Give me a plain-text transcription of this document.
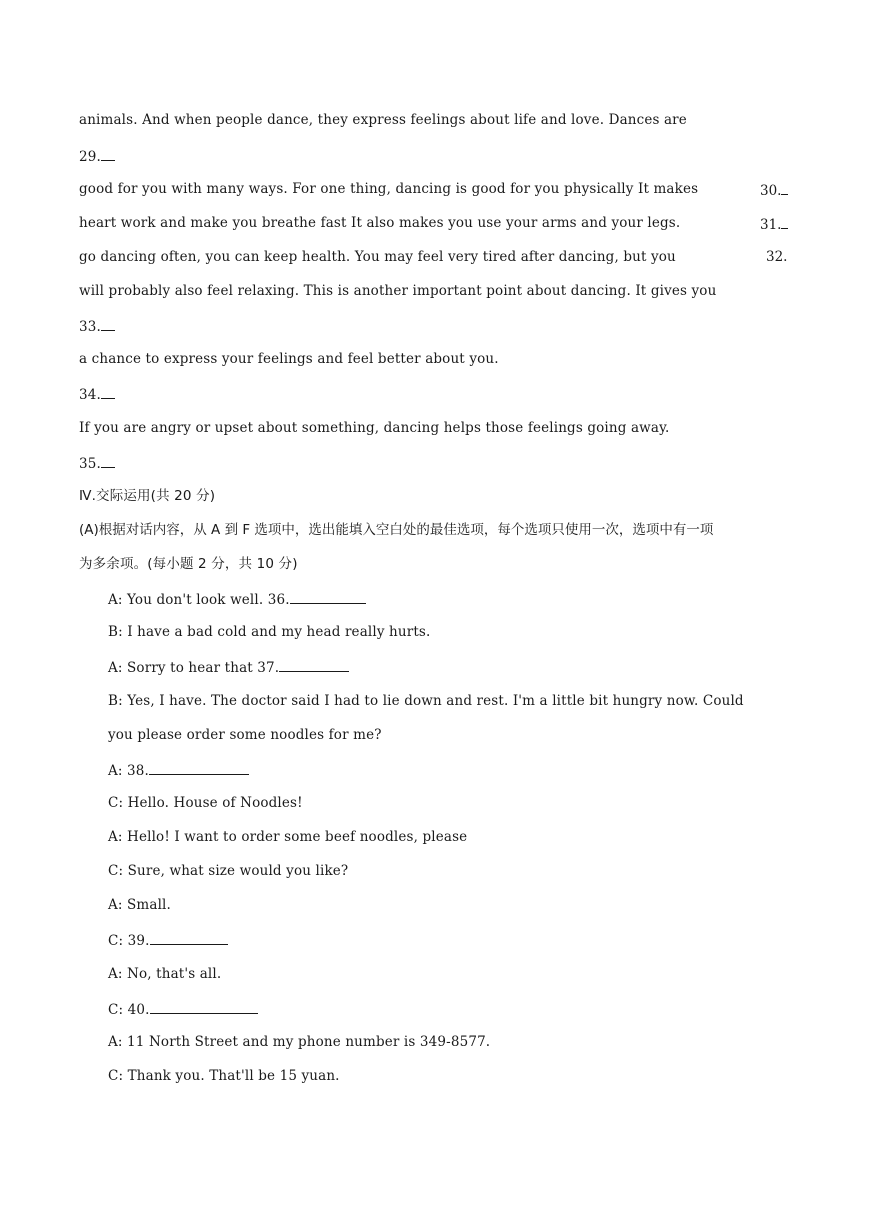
animals. And when people dance, they express feelings about life and love. Dances are
29.
good for you with many ways. For one thing, dancing is good for you physically It makes	30.
heart work and make you breathe fast It also makes you use your arms and your legs.	31.
go dancing often, you can keep health. You may feel very tired after dancing, but you	32.
will probably also feel relaxing. This is another important point about dancing. It gives you
33.
a chance to express your feelings and feel better about you.
34.
If you are angry or upset about something, dancing helps those feelings going away.
35.
Ⅳ.交际运用(共 20 分)
(A)根据对话内容，从 A 到 F 选项中，选出能填入空白处的最佳选项，每个选项只使用一次，选项中有一项
为多余项。(每小题 2 分，共 10 分)
A: You don't look well. 36.
B: I have a bad cold and my head really hurts.
A: Sorry to hear that 37.
B: Yes, I have. The doctor said I had to lie down and rest. I'm a little bit hungry now. Could
you please order some noodles for me?
A: 38.
C: Hello. House of Noodles!
A: Hello! I want to order some beef noodles, please
C: Sure, what size would you like?
A: Small.
C: 39.
A: No, that's all.
C: 40.
A: 11 North Street and my phone number is 349-8577.
C: Thank you. That'll be 15 yuan.
